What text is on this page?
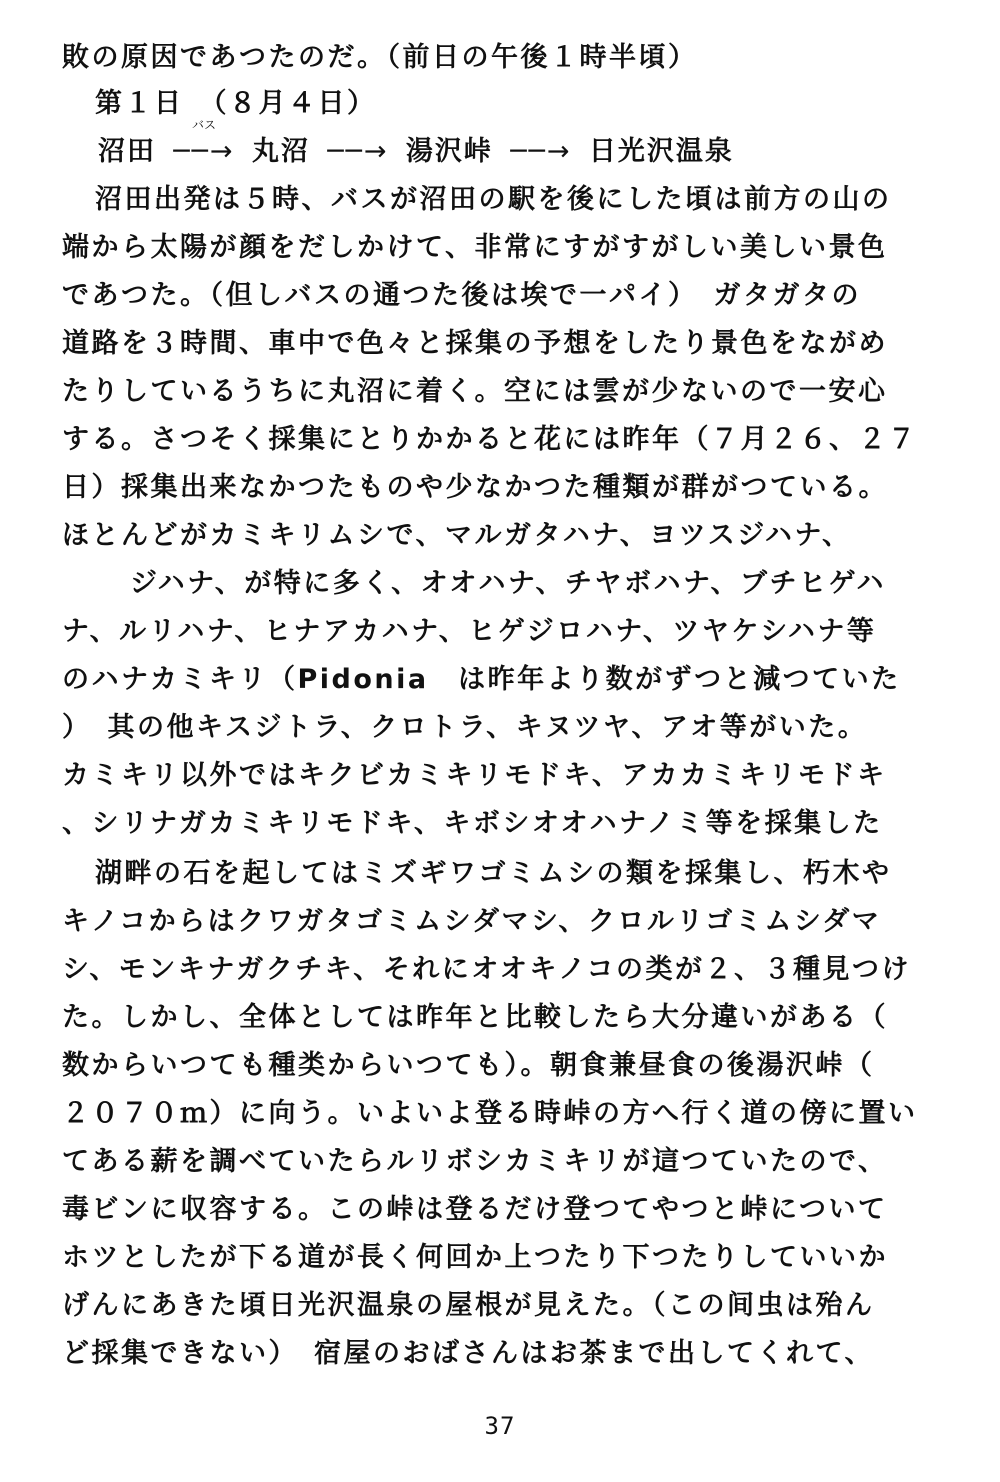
敗の原因であつたのだ。（前日の午後１時半頃）
第１日　（８月４日）
沼田
バス
──→ 丸沼 ──→ 湯沢峠 ──→ 日光沢温泉
沼田出発は５時、バスが沼田の駅を後にした頃は前方の山の
端から太陽が顔をだしかけて、非常にすがすがしい美しい景色
であつた。（但しバスの通つた後は埃で一パイ）　ガタガタの
道路を３時間、車中で色々と採集の予想をしたり景色をながめ
たりしているうちに丸沼に着く。空には雲が少ないので一安心
する。さつそく採集にとりかかると花には昨年（７月２６、２７
日）採集出来なかつたものや少なかつた種類が群がつている。
ほとんどがカミキリムシで、マルガタハナ、ヨツスジハナ、
ジハナ、が特に多く、オオハナ、チヤボハナ、ブチヒゲハ
ナ、ルリハナ、ヒナアカハナ、ヒゲジロハナ、ツヤケシハナ等
のハナカミキリ（Pidonia　は昨年より数がずつと減つていた
）　其の他キスジトラ、クロトラ、キヌツヤ、アオ等がいた。
カミキリ以外ではキクビカミキリモドキ、アカカミキリモドキ
、シリナガカミキリモドキ、キボシオオハナノミ等を採集した
湖畔の石を起してはミズギワゴミムシの類を採集し、朽木や
キノコからはクワガタゴミムシダマシ、クロルリゴミムシダマ
シ、モンキナガクチキ、それにオオキノコの类が２、３種見つけ
た。しかし、全体としては昨年と比較したら大分違いがある（
数からいつても種类からいつても）。朝食兼昼食の後湯沢峠（
２０７０ｍ）に向う。いよいよ登る時峠の方へ行く道の傍に置い
てある薪を調べていたらルリボシカミキリが這つていたので、
毒ビンに収容する。この峠は登るだけ登つてやつと峠について
ホツとしたが下る道が長く何回か上つたり下つたりしていいか
げんにあきた頃日光沢温泉の屋根が見えた。（この间虫は殆ん
ど採集できない）　宿屋のおばさんはお茶まで出してくれて、
37
